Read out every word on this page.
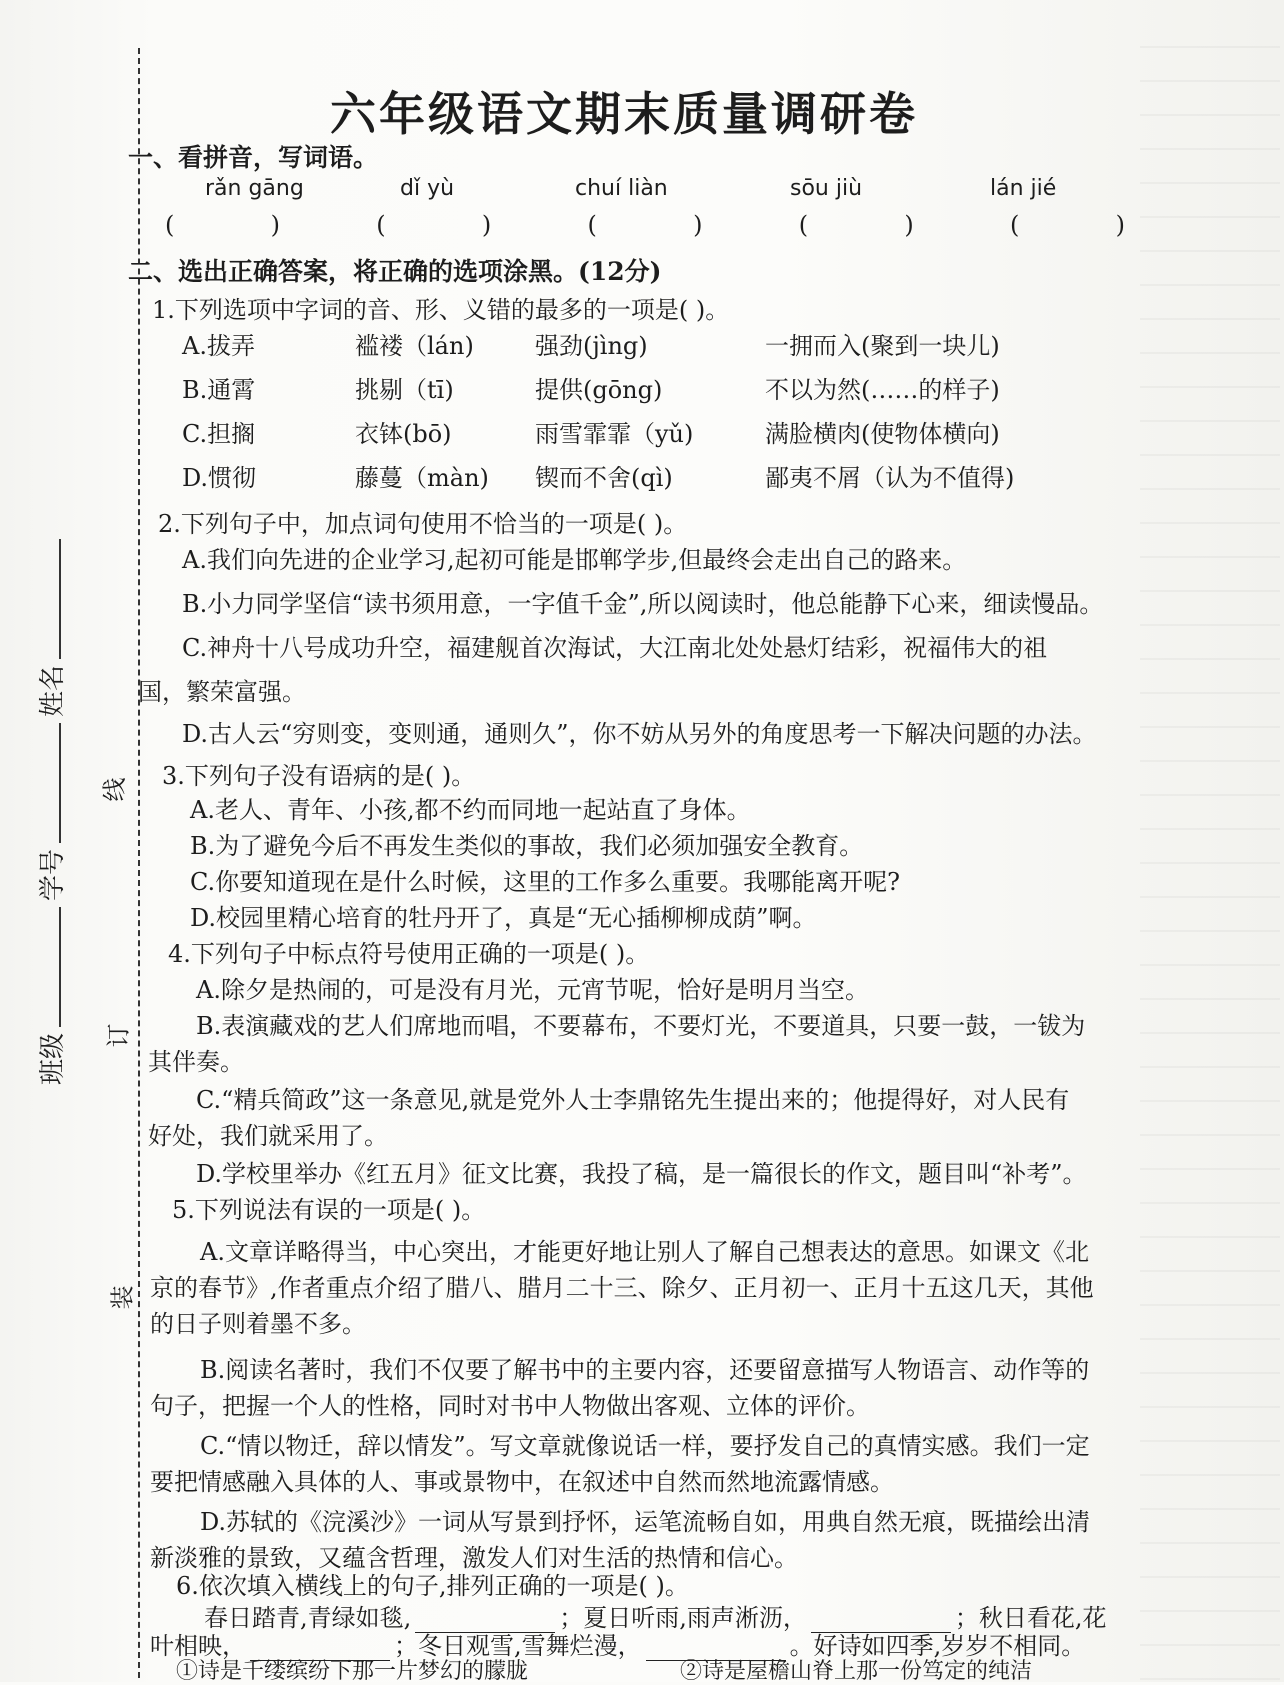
班级学号姓名
线
订
装
六年级语文期末质量调研卷
一、看拼音，写词语。
rǎn gāng	dǐ yù	chuí liàn	sōu jiù	lán jié
(	)	(	)	(	)	(	)	(	)
二、选出正确答案，将正确的选项涂黑。(12分)
1.下列选项中字词的音、形、义错的最多的一项是( )。
A.拔弄	褴褛（lán)	强劲(jìng)	一拥而入(聚到一块儿)
B.通霄	挑剔（tī)	提供(gōng)	不以为然(……的样子)
C.担搁	衣钵(bō)	雨雪霏霏（yǔ)	满脸横肉(使物体横向)
D.惯彻	藤蔓（màn) 锲而不舍(qì)	鄙夷不屑（认为不值得)
2.下列句子中，加点词句使用不恰当的一项是( )。
A.我们向先进的企业学习,起初可能是邯郸学步,但最终会走出自己的路来。
B.小力同学坚信“读书须用意，一字值千金”,所以阅读时，他总能静下心来，细读慢品。
C.神舟十八号成功升空，福建舰首次海试，大江南北处处悬灯结彩，祝福伟大的祖
国，繁荣富强。
D.古人云“穷则变，变则通，通则久”，你不妨从另外的角度思考一下解决问题的办法。
3.下列句子没有语病的是( )。
A.老人、青年、小孩,都不约而同地一起站直了身体。
B.为了避免今后不再发生类似的事故，我们必须加强安全教育。
C.你要知道现在是什么时候，这里的工作多么重要。我哪能离开呢?
D.校园里精心培育的牡丹开了，真是“无心插柳柳成荫”啊。
4.下列句子中标点符号使用正确的一项是( )。
A.除夕是热闹的，可是没有月光，元宵节呢，恰好是明月当空。
B.表演藏戏的艺人们席地而唱，不要幕布，不要灯光，不要道具，只要一鼓，一钹为
其伴奏。
C.“精兵简政”这一条意见,就是党外人士李鼎铭先生提出来的；他提得好，对人民有
好处，我们就采用了。
D.学校里举办《红五月》征文比赛，我投了稿，是一篇很长的作文，题目叫“补考”。
5.下列说法有误的一项是( )。
A.文章详略得当，中心突出，才能更好地让别人了解自己想表达的意思。如课文《北
京的春节》,作者重点介绍了腊八、腊月二十三、除夕、正月初一、正月十五这几天，其他
的日子则着墨不多。
B.阅读名著时，我们不仅要了解书中的主要内容，还要留意描写人物语言、动作等的
句子，把握一个人的性格，同时对书中人物做出客观、立体的评价。
C.“情以物迁，辞以情发”。写文章就像说话一样，要抒发自己的真情实感。我们一定
要把情感融入具体的人、事或景物中，在叙述中自然而然地流露情感。
D.苏轼的《浣溪沙》一词从写景到抒怀，运笔流畅自如，用典自然无痕，既描绘出清
新淡雅的景致，又蕴含哲理，激发人们对生活的热情和信心。
6.依次填入横线上的句子,排列正确的一项是( )。
春日踏青,青绿如毯,	；夏日听雨,雨声淅沥，	；秋日看花,花
叶相映，	；冬日观雪,雪舞烂漫，	。好诗如四季,岁岁不相同。
①诗是千缕缤纷下那一片梦幻的朦胧	②诗是屋檐山脊上那一份笃定的纯洁
